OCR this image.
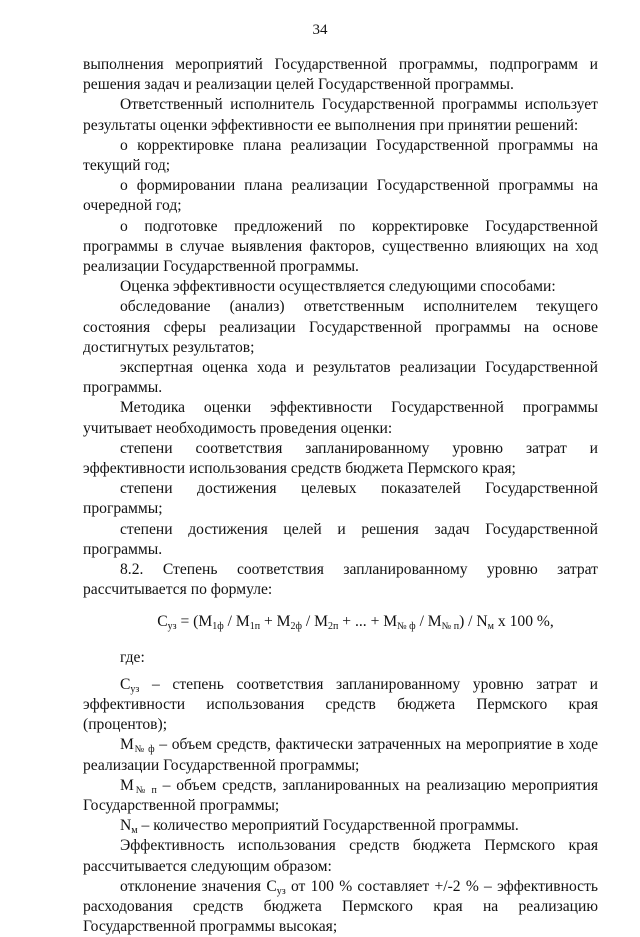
34

выполнения мероприятий Государственной программы, подпрограмм и решения задач и реализации целей Государственной программы.

Ответственный исполнитель Государственной программы использует результаты оценки эффективности ее выполнения при принятии решений:

о корректировке плана реализации Государственной программы на текущий год;

о формировании плана реализации Государственной программы на очередной год;

о подготовке предложений по корректировке Государственной программы в случае выявления факторов, существенно влияющих на ход реализации Государственной программы.

Оценка эффективности осуществляется следующими способами:

обследование (анализ) ответственным исполнителем текущего состояния сферы реализации Государственной программы на основе достигнутых результатов;

экспертная оценка хода и результатов реализации Государственной программы.

Методика оценки эффективности Государственной программы учитывает необходимость проведения оценки:

степени соответствия запланированному уровню затрат и эффективности использования средств бюджета Пермского края;

степени достижения целевых показателей Государственной программы;

степени достижения целей и решения задач Государственной программы.

8.2. Степень соответствия запланированному уровню затрат рассчитывается по формуле:

$С_{уз} = (М_{1ф} / М_{1п} + М_{2ф} / М_{2п}$ + ... + $М_{№ ф} / М_{№ п}) / N_м$ х 100 %,

где:

$С_{уз}$ – степень соответствия запланированному уровню затрат и эффективности использования средств бюджета Пермского края (процентов);

$М_{№ ф}$ – объем средств, фактически затраченных на мероприятие в ходе реализации Государственной программы;

$М_{№ п}$ – объем средств, запланированных на реализацию мероприятия Государственной программы;

$N_м$ – количество мероприятий Государственной программы.

Эффективность использования средств бюджета Пермского края рассчитывается следующим образом:

отклонение значения $С_{уз}$ от 100 % составляет +/-2 % – эффективность расходования средств бюджета Пермского края на реализацию Государственной программы высокая;
